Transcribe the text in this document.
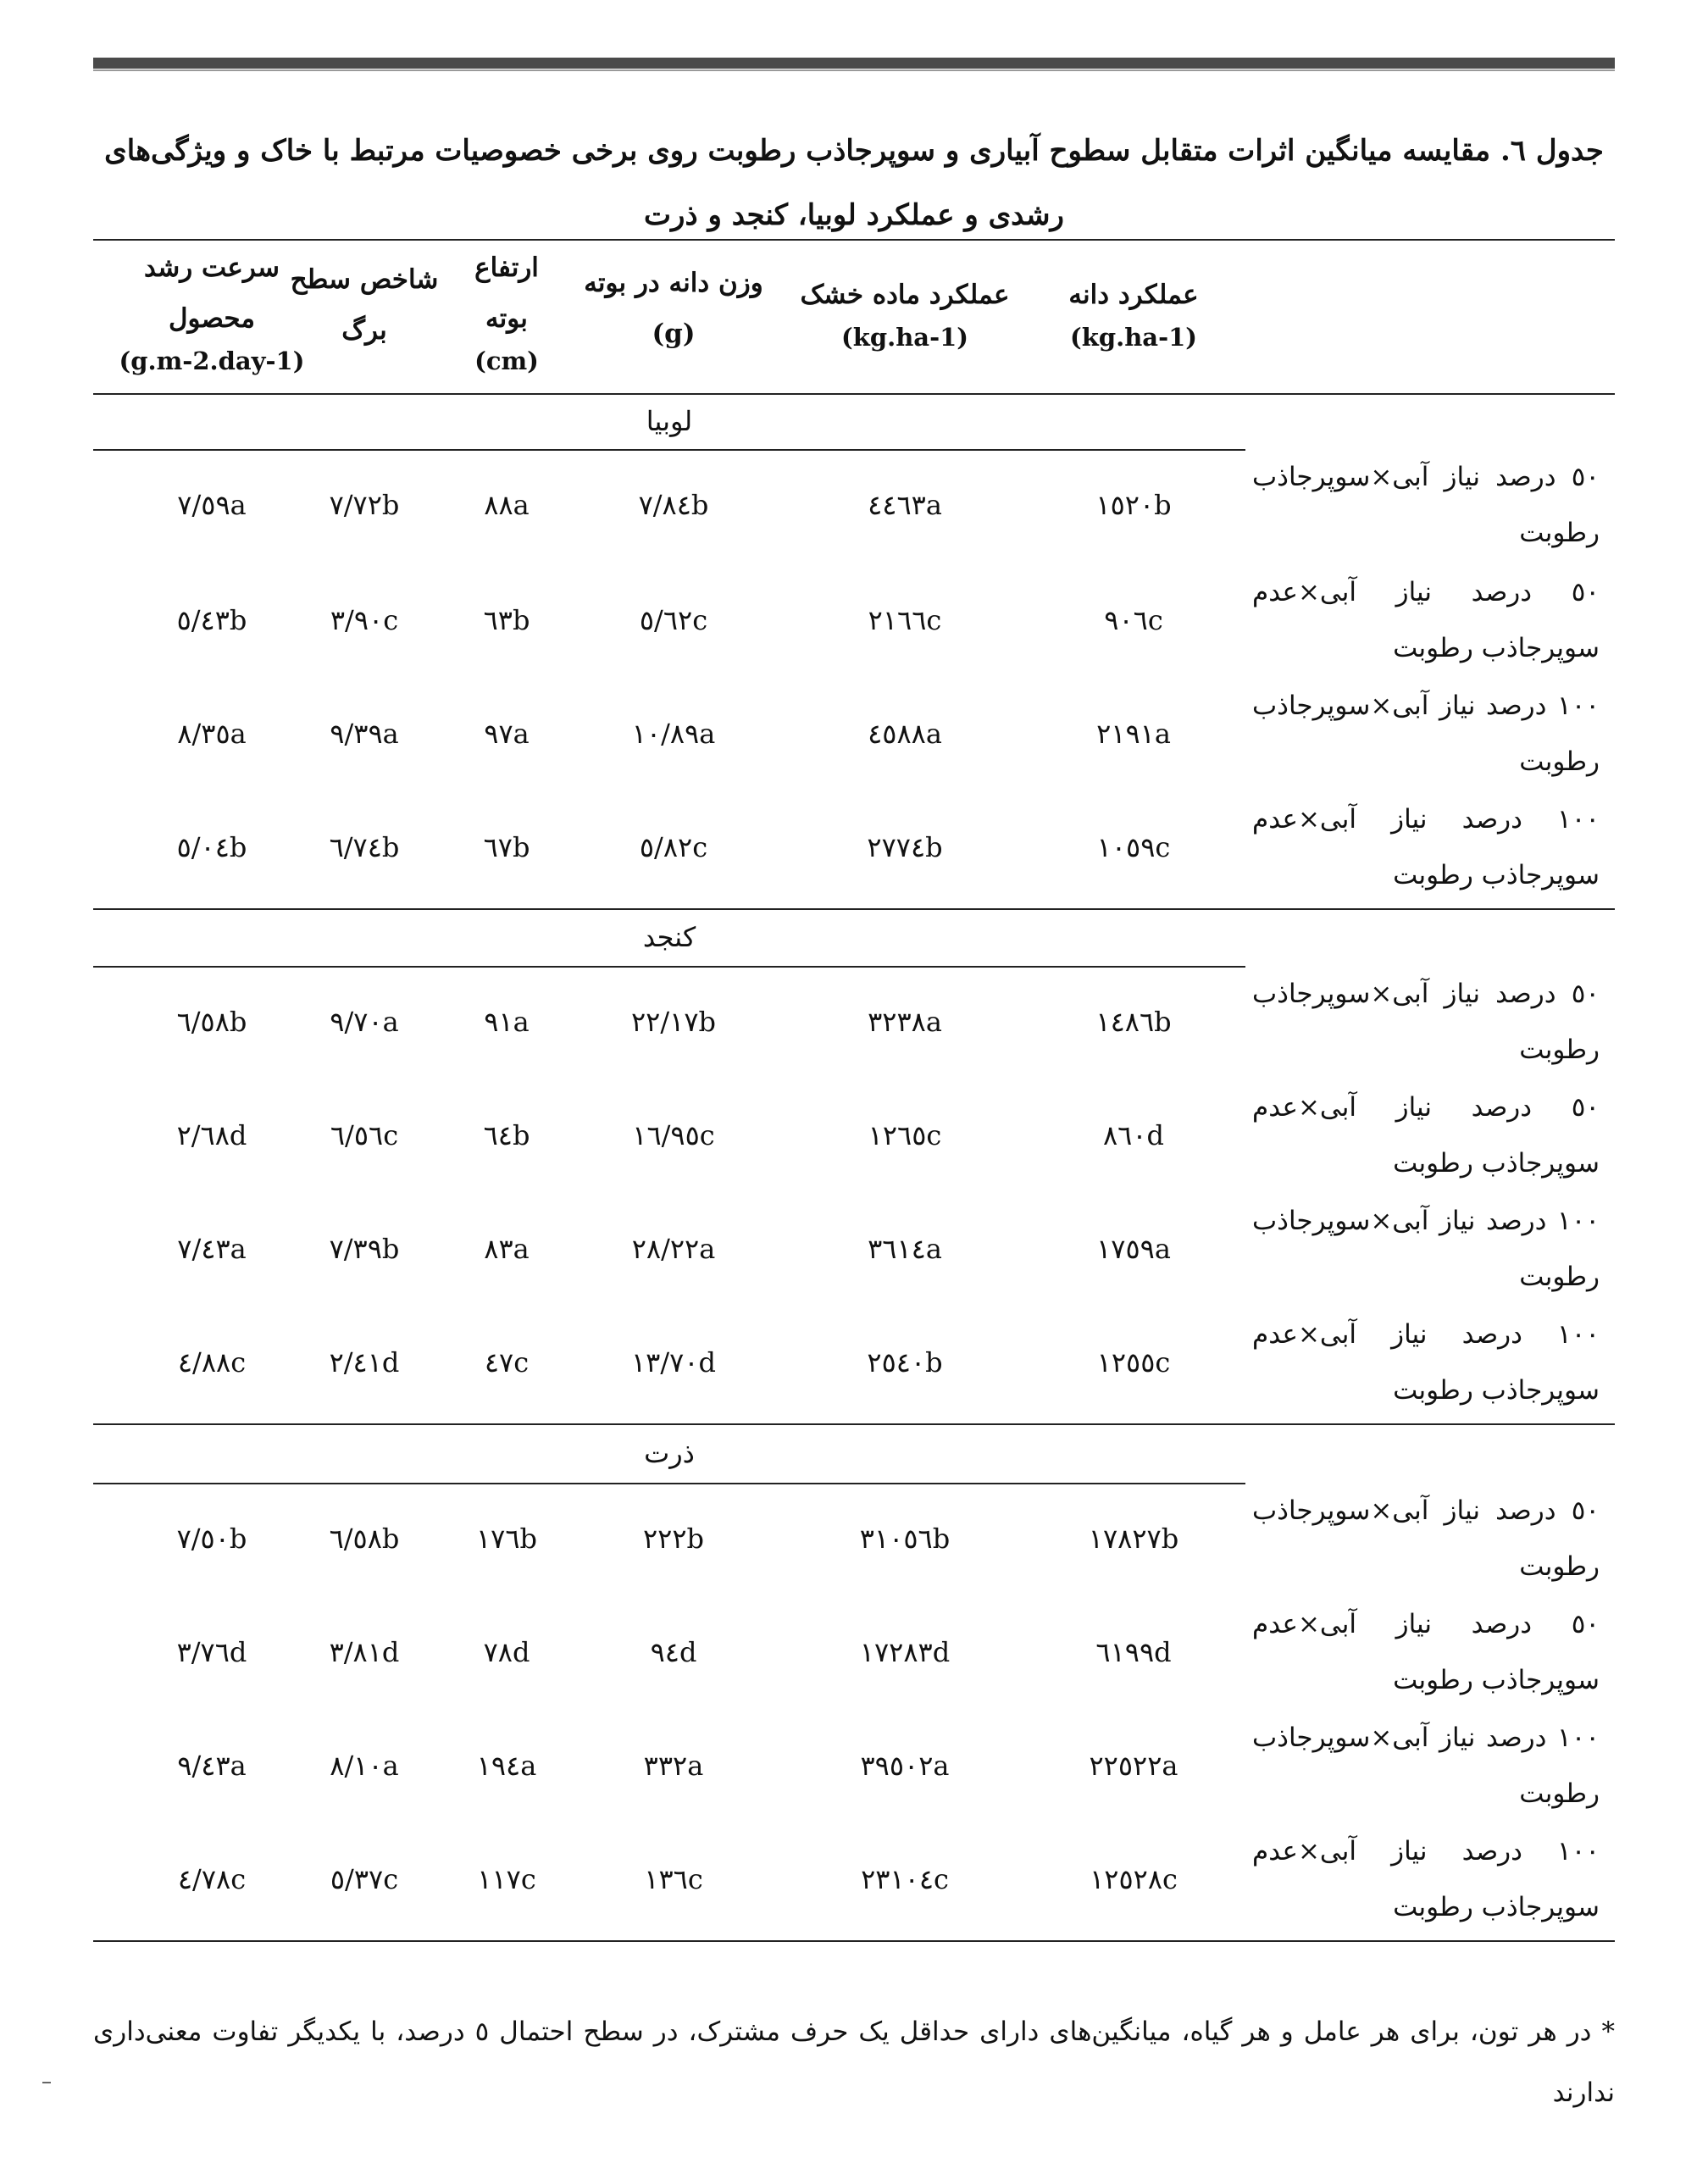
جدول ٦. مقایسه میانگین اثرات متقابل سطوح آبیاری و سوپرجاذب رطوبت روی برخی خصوصیات مرتبط با خاک و ویژگی‌های رشدی و عملکرد لوبیا، کنجد و ذرت
عملکرد دانه
(kg.ha-1)
عملکرد ماده خشک
(kg.ha-1)
وزن دانه در بوته (g)
ارتفاع بوته
(cm)
شاخص سطح برگ
سرعت رشد محصول
(g.m-2.day-1)
لوبیا
٥٠ درصد نیاز آبی×سوپرجاذب رطوبت
١٥٢٠b
٤٤٦٣a
٧/٨٤b
٨٨a
٧/٧٢b
٧/٥٩a
٥٠ درصد نیاز آبی×عدم سوپرجاذب رطوبت
٩٠٦c
٢١٦٦c
٥/٦٢c
٦٣b
٣/٩٠c
٥/٤٣b
١٠٠ درصد نیاز آبی×سوپرجاذب رطوبت
٢١٩١a
٤٥٨٨a
١٠/٨٩a
٩٧a
٩/٣٩a
٨/٣٥a
١٠٠ درصد نیاز آبی×عدم سوپرجاذب رطوبت
١٠٥٩c
٢٧٧٤b
٥/٨٢c
٦٧b
٦/٧٤b
٥/٠٤b
کنجد
٥٠ درصد نیاز آبی×سوپرجاذب رطوبت
١٤٨٦b
٣٢٣٨a
٢٢/١٧b
٩١a
٩/٧٠a
٦/٥٨b
٥٠ درصد نیاز آبی×عدم سوپرجاذب رطوبت
٨٦٠d
١٢٦٥c
١٦/٩٥c
٦٤b
٦/٥٦c
٢/٦٨d
١٠٠ درصد نیاز آبی×سوپرجاذب رطوبت
١٧٥٩a
٣٦١٤a
٢٨/٢٢a
٨٣a
٧/٣٩b
٧/٤٣a
١٠٠ درصد نیاز آبی×عدم سوپرجاذب رطوبت
١٢٥٥c
٢٥٤٠b
١٣/٧٠d
٤٧c
٢/٤١d
٤/٨٨c
ذرت
٥٠ درصد نیاز آبی×سوپرجاذب رطوبت
١٧٨٢٧b
٣١٠٥٦b
٢٢٢b
١٧٦b
٦/٥٨b
٧/٥٠b
٥٠ درصد نیاز آبی×عدم سوپرجاذب رطوبت
٦١٩٩d
١٧٢٨٣d
٩٤d
٧٨d
٣/٨١d
٣/٧٦d
١٠٠ درصد نیاز آبی×سوپرجاذب رطوبت
٢٢٥٢٢a
٣٩٥٠٢a
٣٣٢a
١٩٤a
٨/١٠a
٩/٤٣a
١٠٠ درصد نیاز آبی×عدم سوپرجاذب رطوبت
١٢٥٢٨c
٢٣١٠٤c
١٣٦c
١١٧c
٥/٣٧c
٤/٧٨c
* در هر تون، برای هر عامل و هر گیاه، میانگین‌های دارای حداقل یک حرف مشترک، در سطح احتمال ٥ درصد، با یکدیگر تفاوت معنی‌داری ندارند
